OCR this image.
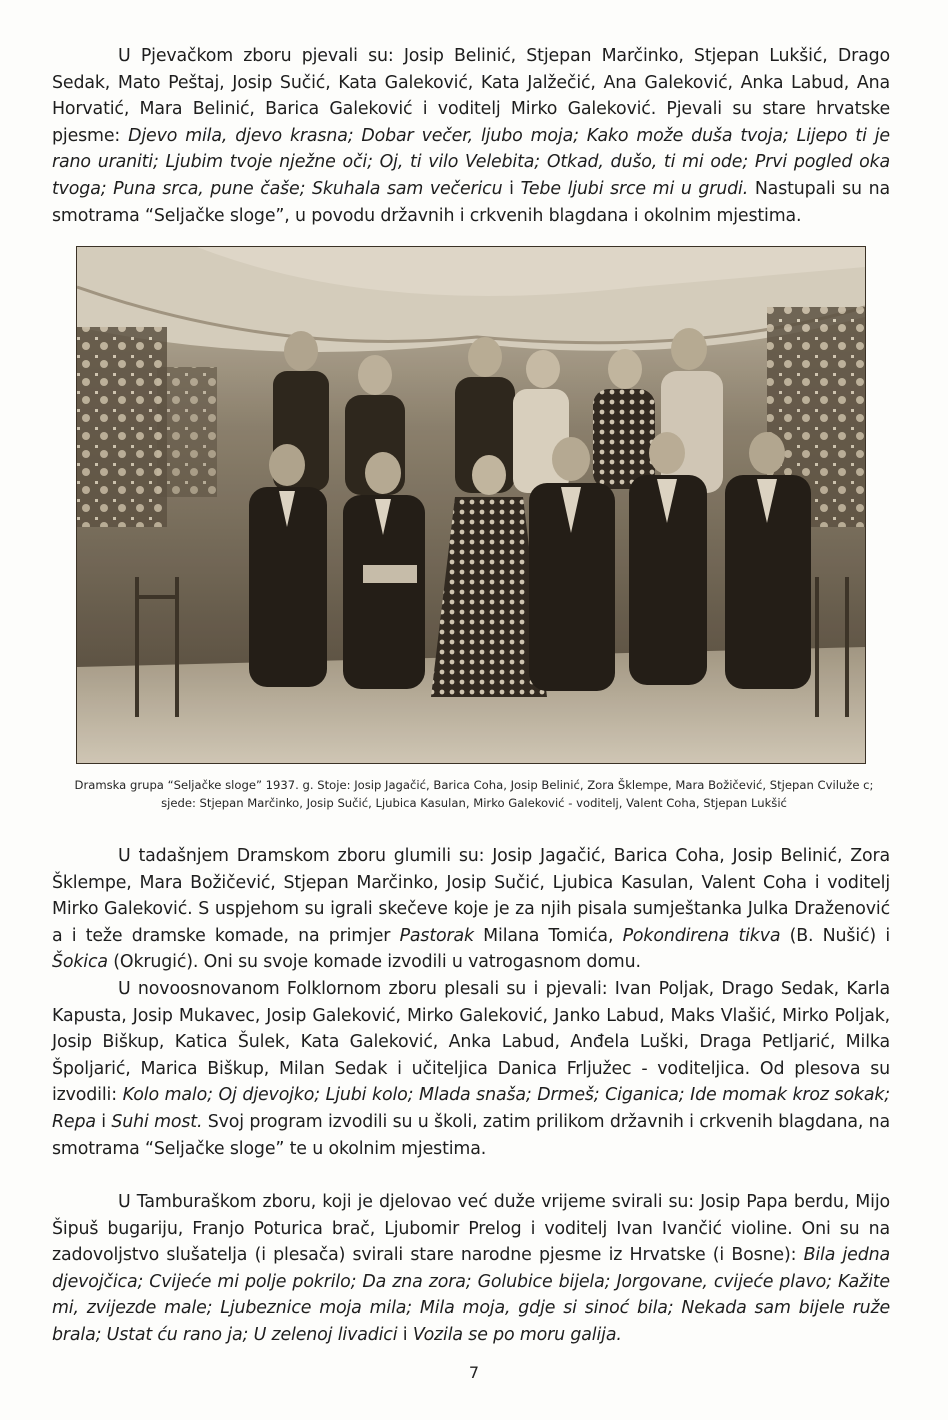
U Pjevačkom zboru pjevali su: Josip Belinić, Stjepan Marčinko, Stjepan Lukšić, Drago Sedak, Mato Peštaj, Josip Sučić, Kata Galeković, Kata Jalžečić, Ana Galeković, Anka Labud, Ana Horvatić, Mara Belinić, Barica Galeković i voditelj Mirko Galeković. Pjevali su stare hrvatske pjesme: Djevo mila, djevo krasna; Dobar večer, ljubo moja; Kako može duša tvoja; Lijepo ti je rano uraniti; Ljubim tvoje nježne oči; Oj, ti vilo Velebita; Otkad, dušo, ti mi ode; Prvi pogled oka tvoga; Puna srca, pune čaše; Skuhala sam večericu i Tebe ljubi srce mi u grudi. Nastupali su na smotrama “Seljačke sloge”, u povodu državnih i crkvenih blagdana i okolnim mjestima.

Dramska grupa “Seljačke sloge” 1937. g. Stoje: Josip Jagačić, Barica Coha, Josip Belinić, Zora Šklempe, Mara Božičević, Stjepan Cviluže c;

sjede: Stjepan Marčinko, Josip Sučić, Ljubica Kasulan, Mirko Galeković - voditelj, Valent Coha, Stjepan Lukšić

U tadašnjem Dramskom zboru glumili su: Josip Jagačić, Barica Coha, Josip Belinić, Zora Šklempe, Mara Božičević, Stjepan Marčinko, Josip Sučić, Ljubica Kasulan, Valent Coha i voditelj Mirko Galeković. S uspjehom su igrali skečeve koje je za njih pisala sumještanka Julka Draženović a i teže dramske komade, na primjer Pastorak Milana Tomića, Pokondirena tikva (B. Nušić) i Šokica (Okrugić). Oni su svoje komade izvodili u vatrogasnom domu.

U novoosnovanom Folklornom zboru plesali su i pjevali: Ivan Poljak, Drago Sedak, Karla Kapusta, Josip Mukavec, Josip Galeković, Mirko Galeković, Janko Labud, Maks Vlašić, Mirko Poljak, Josip Biškup, Katica Šulek, Kata Galeković, Anka Labud, Anđela Luški, Draga Petljarić, Milka Špoljarić, Marica Biškup, Milan Sedak i učiteljica Danica Frljužec - voditeljica. Od plesova su izvodili: Kolo malo; Oj djevojko; Ljubi kolo; Mlada snaša; Drmeš; Ciganica; Ide momak kroz sokak; Repa i Suhi most. Svoj program izvodili su u školi, zatim prilikom državnih i crkvenih blagdana, na smotrama “Seljačke sloge” te u okolnim mjestima.

U Tamburaškom zboru, koji je djelovao već duže vrijeme svirali su: Josip Papa berdu, Mijo Šipuš bugariju, Franjo Poturica brač, Ljubomir Prelog i voditelj Ivan Ivančić violine. Oni su na zadovoljstvo slušatelja (i plesača) svirali stare narodne pjesme iz Hrvatske (i Bosne): Bila jedna djevojčica; Cvijeće mi polje pokrilo; Da zna zora; Golubice bijela; Jorgovane, cvijeće plavo; Kažite mi, zvijezde male; Ljubeznice moja mila; Mila moja, gdje si sinoć bila; Nekada sam bijele ruže brala; Ustat ću rano ja; U zelenoj livadici i Vozila se po moru galija.

7
